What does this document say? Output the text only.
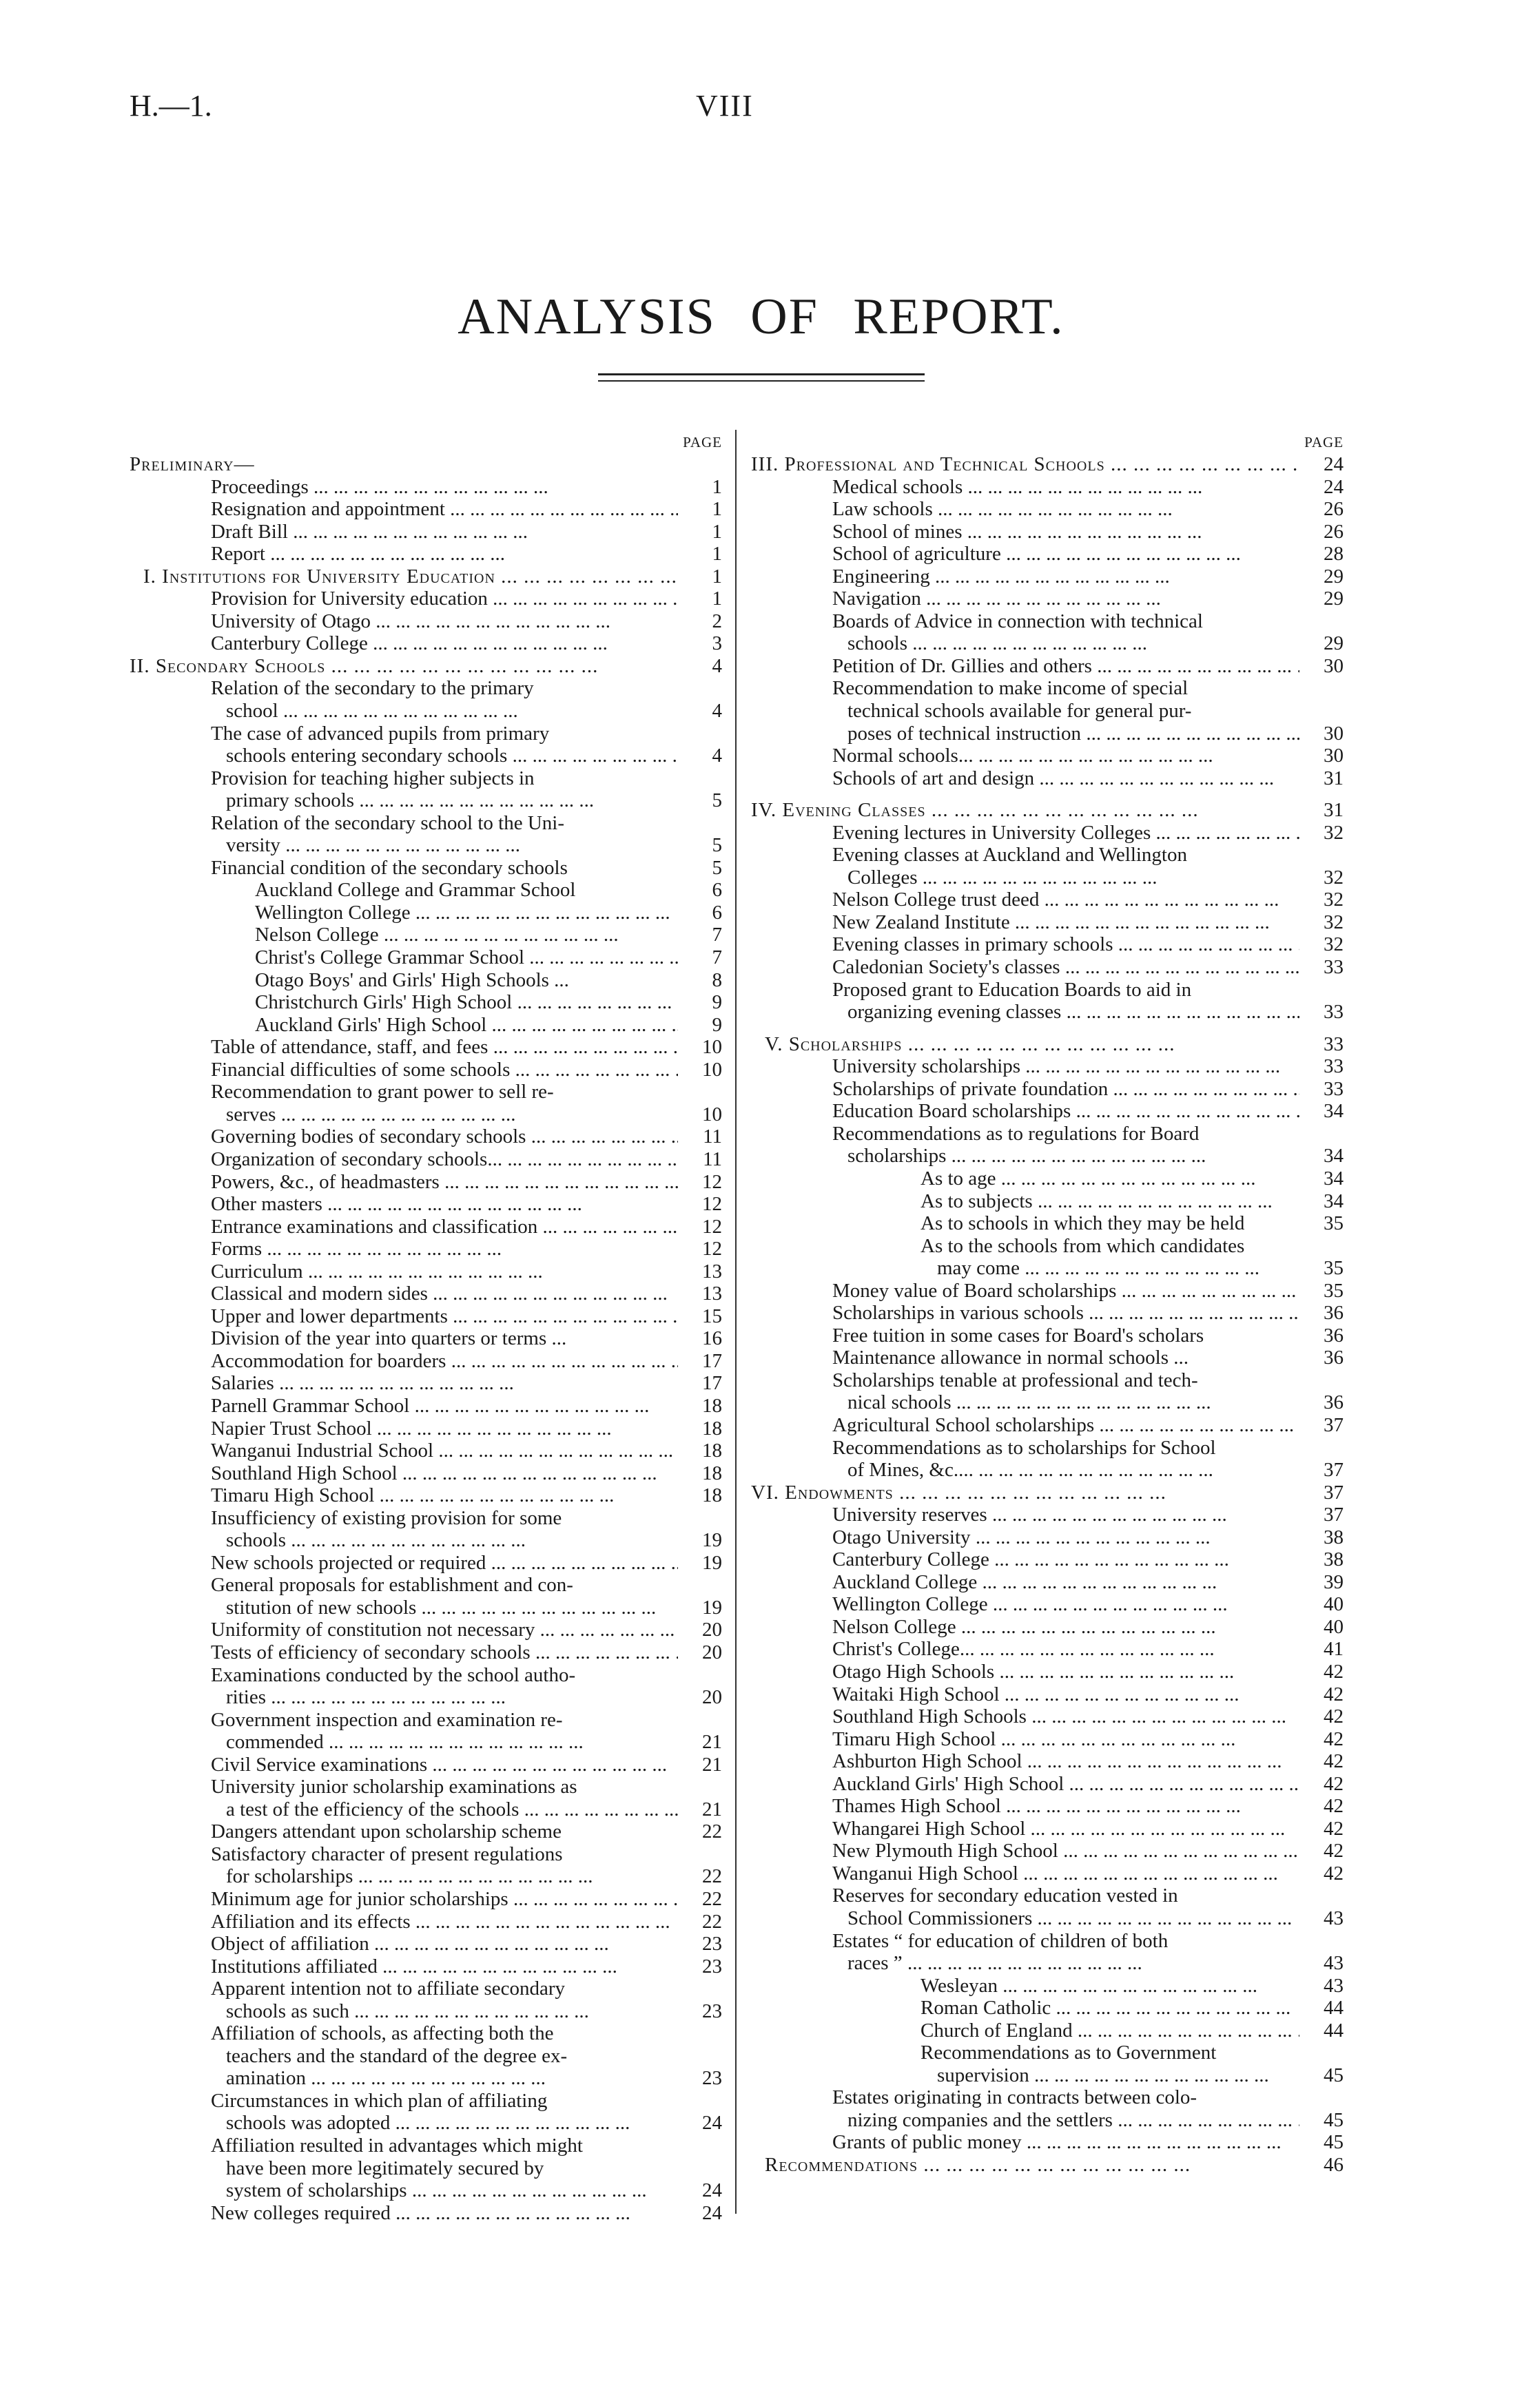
H.—1.	VIII
ANALYSIS OF REPORT.
PAGE
Preliminary—
Proceedings ...	1
Resignation and appointment ...	1
Draft Bill ...	1
Report ...	1
I. Institutions for University Education ...	1
Provision for University education ...	1
University of Otago ...	2
Canterbury College ...	3
II. Secondary Schools ...	4
Relation of the secondary to the primary
school ...	4
The case of advanced pupils from primary
schools entering secondary schools ...	4
Provision for teaching higher subjects in
primary schools ...	5
Relation of the secondary school to the Uni-
versity ...	5
Financial condition of the secondary schools	5
Auckland College and Grammar School	6
Wellington College ... ...	6
Nelson College ...	7
Christ's College Grammar School ...	7
Otago Boys' and Girls' High Schools ...	8
Christchurch Girls' High School ...	9
Auckland Girls' High School ...	9
Table of attendance, staff, and fees ...	10
Financial difficulties of some schools ...	10
Recommendation to grant power to sell re-
serves ...	10
Governing bodies of secondary schools ...	11
Organization of secondary schools... ...	11
Powers, &c., of headmasters ...	12
Other masters ... ...	12
Entrance examinations and classification ...	12
Forms ...	12
Curriculum ...	13
Classical and modern sides ...	13
Upper and lower departments ...	15
Division of the year into quarters or terms ...	16
Accommodation for boarders ...	17
Salaries ...	17
Parnell Grammar School ...	18
Napier Trust School ...	18
Wanganui Industrial School ...	18
Southland High School ... ...	18
Timaru High School ...	18
Insufficiency of existing provision for some
schools ...	19
New schools projected or required ...	19
General proposals for establishment and con-
stitution of new schools ...	19
Uniformity of constitution not necessary ...	20
Tests of efficiency of secondary schools ...	20
Examinations conducted by the school autho-
rities ...	20
Government inspection and examination re-
commended ... ...	21
Civil Service examinations ...	21
University junior scholarship examinations as
a test of the efficiency of the schools ...	21
Dangers attendant upon scholarship scheme	22
Satisfactory character of present regulations
for scholarships ...	22
Minimum age for junior scholarships ...	22
Affiliation and its effects ... ...	22
Object of affiliation ...	23
Institutions affiliated ...	23
Apparent intention not to affiliate secondary
schools as such ...	23
Affiliation of schools, as affecting both the
teachers and the standard of the degree ex-
amination ...	23
Circumstances in which plan of affiliating
schools was adopted ...	24
Affiliation resulted in advantages which might
have been more legitimately secured by
system of scholarships ...	24
New colleges required ...	24
PAGE
III. Professional and Technical Schools ...	24
Medical schools ...	24
Law schools ...	26
School of mines ...	26
School of agriculture ...	28
Engineering ...	29
Navigation ...	29
Boards of Advice in connection with technical
schools ...	29
Petition of Dr. Gillies and others ... ...	30
Recommendation to make income of special
technical schools available for general pur-
poses of technical instruction ...	30
Normal schools... ...	30
Schools of art and design ...	31
IV. Evening Classes ...	31
Evening lectures in University Colleges ...	32
Evening classes at Auckland and Wellington
Colleges ...	32
Nelson College trust deed ...	32
New Zealand Institute ... ...	32
Evening classes in primary schools ...	32
Caledonian Society's classes ...	33
Proposed grant to Education Boards to aid in
organizing evening classes ...	33
V. Scholarships ...	33
University scholarships ... ...	33
Scholarships of private foundation ...	33
Education Board scholarships ...	34
Recommendations as to regulations for Board
scholarships ... ...	34
As to age ... ...	34
As to subjects ...	34
As to schools in which they may be held	35
As to the schools from which candidates
may come ...	35
Money value of Board scholarships ...	35
Scholarships in various schools ...	36
Free tuition in some cases for Board's scholars	36
Maintenance allowance in normal schools ...	36
Scholarships tenable at professional and tech-
nical schools ... ...	36
Agricultural School scholarships ... ...	37
Recommendations as to scholarships for School
of Mines, &c.... ...	37
VI. Endowments ...	37
University reserves ...	37
Otago University ...	38
Canterbury College ...	38
Auckland College ...	39
Wellington College ...	40
Nelson College ... ...	40
Christ's College... ...	41
Otago High Schools ...	42
Waitaki High School ...	42
Southland High Schools ... ...	42
Timaru High School ...	42
Ashburton High School ... ...	42
Auckland Girls' High School ...	42
Thames High School ...	42
Whangarei High School ... ...	42
New Plymouth High School ...	42
Wanganui High School ... ...	42
Reserves for secondary education vested in
School Commissioners ... ...	43
Estates “ for education of children of both
races ” ...	43
Wesleyan ... ...	43
Roman Catholic ...	44
Church of England ... ...	44
Recommendations as to Government
supervision ...	45
Estates originating in contracts between colo-
nizing companies and the settlers ...	45
Grants of public money ... ...	45
Recommendations ...	46
